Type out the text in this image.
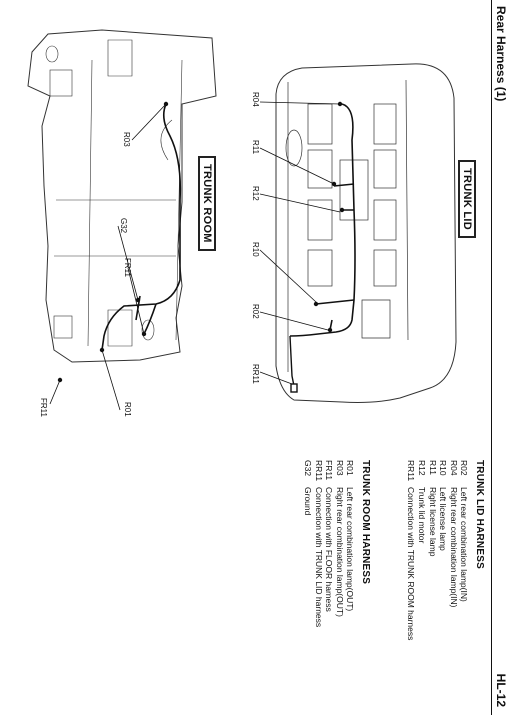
Rear Harness (1)
HL-12
TRUNK LID
TRUNK ROOM
R04
R11
R12
R10
R02
RR11
R03
G32
FR11
R01
FR11
TRUNK LID HARNESS
R02
Left rear combination lamp(IN)
R04
Right rear combination lamp(IN)
R10
Left license lamp
R11
Right license lamp
R12
Trunk lid motor
RR11
Connection with TRUNK ROOM harness
TRUNK ROOM HARNESS
R01
Left rear combination lamp(OUT)
R03
Right rear combination lamp(OUT)
FR11
Connection with FLOOR harness
RR11
Connection with TRUNK LID harness
G32
Ground
